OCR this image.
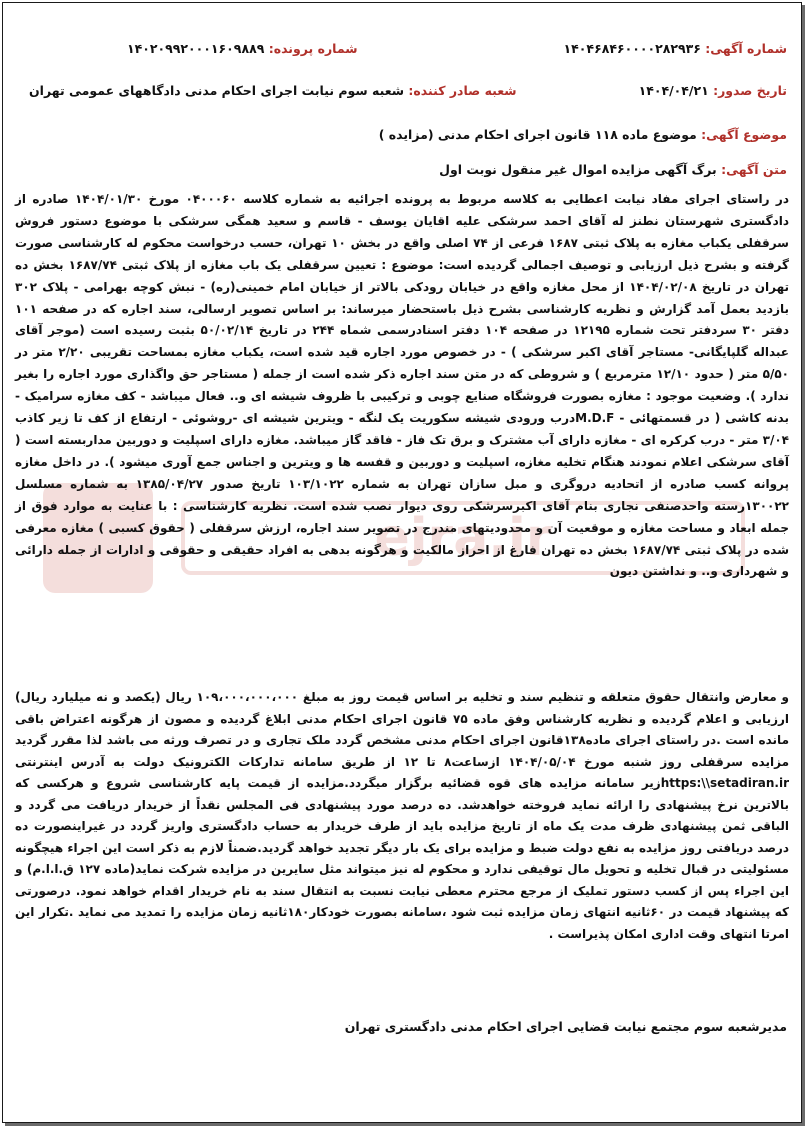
ejra.ir
شماره آگهی: ۱۴۰۴۶۸۴۶۰۰۰۰۲۸۲۹۳۶
شماره پرونده: ۱۴۰۲۰۹۹۲۰۰۰۱۶۰۹۸۸۹
تاریخ صدور: ۱۴۰۴/۰۴/۲۱
شعبه صادر کننده: شعبه سوم نیابت اجرای احکام مدنی دادگاههای عمومی تهران
موضوع آگهی: موضوع ماده ۱۱۸ قانون اجرای احکام مدنی (مزایده )
متن آگهی: برگ آگهی مزایده اموال غیر منقول نوبت اول
در راستای اجرای مفاد نیابت اعطایی به کلاسه مربوط به پرونده اجرائیه به شماره کلاسه ۰۴۰۰۰۶۰ مورخ ۱۴۰۴/۰۱/۳۰ صادره از دادگستری شهرستان نطنز له آقای احمد سرشکی علیه اقایان یوسف - قاسم و سعید همگی سرشکی با موضوع دستور فروش سرقفلی یکباب مغازه به پلاک ثبتی ۱۶۸۷ فرعی از ۷۴ اصلی واقع در بخش ۱۰ تهران، حسب درخواست محکوم له کارشناسی صورت گرفته و بشرح ذیل ارزیابی و توصیف اجمالی گردیده است: موضوع : تعیین سرقفلی یک باب مغازه از پلاک ثبتی ۱۶۸۷/۷۴ بخش ده تهران در تاریخ ۱۴۰۴/۰۲/۰۸ از محل مغازه واقع در خیابان رودکی بالاتر از خیابان امام خمینی(ره) - نبش کوچه بهرامی - پلاک ۳۰۲ بازدید بعمل آمد گزارش و نظریه کارشناسی بشرح ذیل باستحضار میرساند: بر اساس تصویر ارسالی، سند اجاره که در صفحه ۱۰۱ دفتر ۳۰ سردفتر تحت شماره ۱۲۱۹۵ در صفحه ۱۰۴ دفتر اسنادرسمی شماه ۲۴۴ در تاریخ ۵۰/۰۲/۱۴ بثبت رسیده است (موجر آقای عبداله گلپایگانی- مستاجر آقای اکبر سرشکی ) - در خصوص مورد اجاره قید شده است، یکباب مغازه بمساحت تقریبی ۲/۲۰ متر در ۵/۵۰ متر ( حدود ۱۲/۱۰ مترمربع ) و شروطی که در متن سند اجاره ذکر شده است از جمله ( مستاجر حق واگذاری مورد اجاره را بغیر ندارد ). وضعیت موجود : مغازه بصورت فروشگاه صنایع چوبی و ترکیبی با ظروف شیشه ای و.. فعال میباشد - کف مغازه سرامیک - بدنه کاشی ( در قسمتهائی - M.D.Fدرب ورودی شیشه سکوریت یک لنگه - ویترین شیشه ای -روشوئی - ارتفاع از کف تا زیر کاذب ۳/۰۴ متر - درب کرکره ای - مغازه دارای آب مشترک و برق تک فاز - فاقد گاز میباشد. مغازه دارای اسپلیت و دوربین مداربسته است ( آقای سرشکی اعلام نمودند هنگام تخلیه مغازه، اسپلیت و دوربین و قفسه ها و ویترین و اجناس جمع آوری میشود ). در داخل مغازه پروانه کسب صادره از اتحادیه دروگری و مبل سازان تهران به شماره ۱۰۳/۱۰۲۲ تاریخ صدور ۱۳۸۵/۰۴/۲۷ به شماره مسلسل ۱۳۰۰۲۲رسته واحدصنفی نجاری بنام آقای اکبرسرشکی روی دیوار نصب شده است. نظریه کارشناسی : با عنایت به موارد فوق از جمله ابعاد و مساحت مغازه و موقعیت آن و محدودیتهای مندرج در تصویر سند اجاره، ارزش سرقفلی ( حقوق کسبی ) مغازه معرفی شده در پلاک ثبتی ۱۶۸۷/۷۴ بخش ده تهران فارغ از احراز مالکیت و هرگونه بدهی به افراد حقیقی و حقوقی و ادارات از جمله دارائی و شهرداری و.. و نداشتن دیون
و معارض وانتقال حقوق متعلقه و تنظیم سند و تخلیه بر اساس قیمت روز به مبلغ ۱۰۹،۰۰۰،۰۰۰،۰۰۰ ریال (یکصد و نه میلیارد ریال) ارزیابی و اعلام گردیده و نظریه کارشناس وفق ماده ۷۵ قانون اجرای احکام مدنی ابلاغ گردیده و مصون از هرگونه اعتراض باقی مانده است .در راستای اجرای ماده۱۳۸قانون اجرای احکام مدنی مشخص گردد ملک تجاری و در تصرف ورثه می باشد لذا مقرر گردید مزایده سرقفلی روز شنبه مورخ ۱۴۰۴/۰۵/۰۴ ازساعت۸ تا ۱۲ از طریق سامانه تدارکات الکترونیک دولت به آدرس اینترنتی https:\\setadiran.irزیر سامانه مزایده های قوه قضائیه برگزار میگردد.مزایده از قیمت پایه کارشناسی شروع و هرکسی که بالاترین نرخ پیشنهادی را ارائه نماید فروخته خواهدشد. ده درصد مورد پیشنهادی فی المجلس نقداً از خریدار دریافت می گردد و الباقی ثمن پیشنهادی ظرف مدت یک ماه از تاریخ مزایده باید از طرف خریدار به حساب دادگستری واریز گردد در غیراینصورت ده درصد دریافتی روز مزایده به نفع دولت ضبط و مزایده برای یک بار دیگر تجدید خواهد گردید.ضمناً لازم به ذکر است این اجراء هیچگونه مسئولیتی در قبال تخلیه و تحویل مال توقیفی ندارد و محکوم له نیز میتواند مثل سایرین در مزایده شرکت نماید(ماده ۱۲۷ ق.ا.ا.م) و این اجراء پس از کسب دستور تملیک از مرجع محترم معطی نیابت نسبت به انتقال سند به نام خریدار اقدام خواهد نمود. درصورتی که پیشنهاد قیمت در ۶۰ثانیه انتهای زمان مزایده ثبت شود ،سامانه بصورت خودکار۱۸۰ثانیه زمان مزایده را تمدید می نماید .تکرار این امرتا انتهای وقت اداری امکان پذیراست .
مدیرشعبه سوم مجتمع نیابت قضایی اجرای احکام مدنی دادگستری تهران
